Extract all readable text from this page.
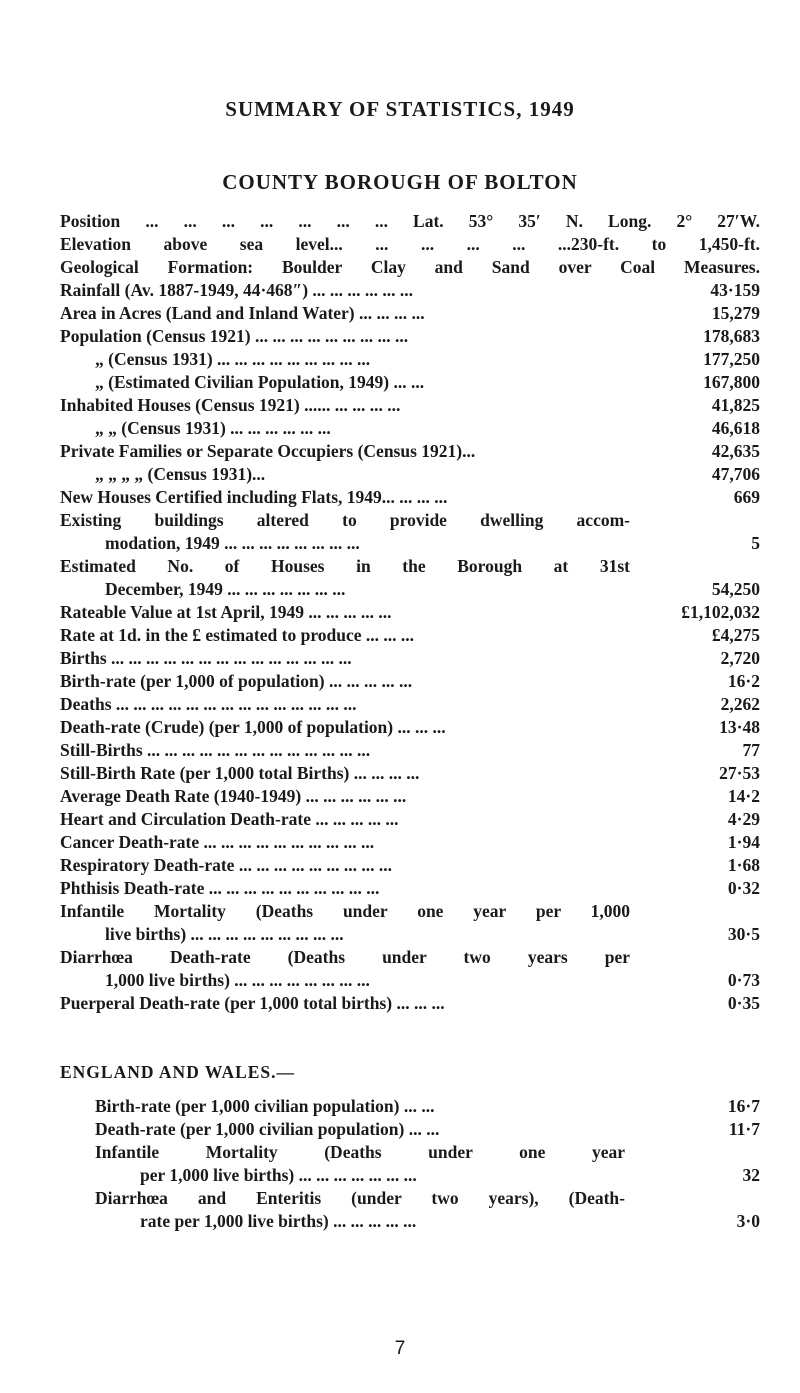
SUMMARY OF STATISTICS, 1949
COUNTY BOROUGH OF BOLTON
Position ... ... ... ... ... ... ... Lat. 53° 35′ N. Long. 2° 27′W.
Elevation above sea level... ... ... ... ... ...230-ft. to 1,450-ft.
Geological Formation: Boulder Clay and Sand over Coal Measures.
Rainfall (Av. 1887-1949, 44·468″) ... ... ... ... ... ...	43·159
Area in Acres (Land and Inland Water) ... ... ... ...	15,279
Population (Census 1921) ... ... ... ... ... ... ... ... ...	178,683
„ (Census 1931) ... ... ... ... ... ... ... ... ...	177,250
„ (Estimated Civilian Population, 1949) ... ...	167,800
Inhabited Houses (Census 1921) ...... ... ... ... ...	41,825
„ „ (Census 1931) ... ... ... ... ... ...	46,618
Private Families or Separate Occupiers (Census 1921)...	42,635
„ „ „ „ (Census 1931)...	47,706
New Houses Certified including Flats, 1949... ... ... ...	669
Existing buildings altered to provide dwelling accom-
modation, 1949 ... ... ... ... ... ... ... ...	5
Estimated No. of Houses in the Borough at 31st
December, 1949 ... ... ... ... ... ... ...	54,250
Rateable Value at 1st April, 1949 ... ... ... ... ...	£1,102,032
Rate at 1d. in the £ estimated to produce ... ... ...	£4,275
Births ... ... ... ... ... ... ... ... ... ... ... ... ... ...	2,720
Birth-rate (per 1,000 of population) ... ... ... ... ...	16·2
Deaths ... ... ... ... ... ... ... ... ... ... ... ... ... ...	2,262
Death-rate (Crude) (per 1,000 of population) ... ... ...	13·48
Still-Births ... ... ... ... ... ... ... ... ... ... ... ... ...	77
Still-Birth Rate (per 1,000 total Births) ... ... ... ...	27·53
Average Death Rate (1940-1949) ... ... ... ... ... ...	14·2
Heart and Circulation Death-rate ... ... ... ... ...	4·29
Cancer Death-rate ... ... ... ... ... ... ... ... ... ...	1·94
Respiratory Death-rate ... ... ... ... ... ... ... ... ...	1·68
Phthisis Death-rate ... ... ... ... ... ... ... ... ... ...	0·32
Infantile Mortality (Deaths under one year per 1,000
live births) ... ... ... ... ... ... ... ... ...	30·5
Diarrhœa Death-rate (Deaths under two years per
1,000 live births) ... ... ... ... ... ... ... ...	0·73
Puerperal Death-rate (per 1,000 total births) ... ... ...	0·35
ENGLAND AND WALES.—
Birth-rate (per 1,000 civilian population) ... ...	16·7
Death-rate (per 1,000 civilian population) ... ...	11·7
Infantile Mortality (Deaths under one year
per 1,000 live births) ... ... ... ... ... ... ...	32
Diarrhœa and Enteritis (under two years), (Death-
rate per 1,000 live births) ... ... ... ... ...	3·0
7
